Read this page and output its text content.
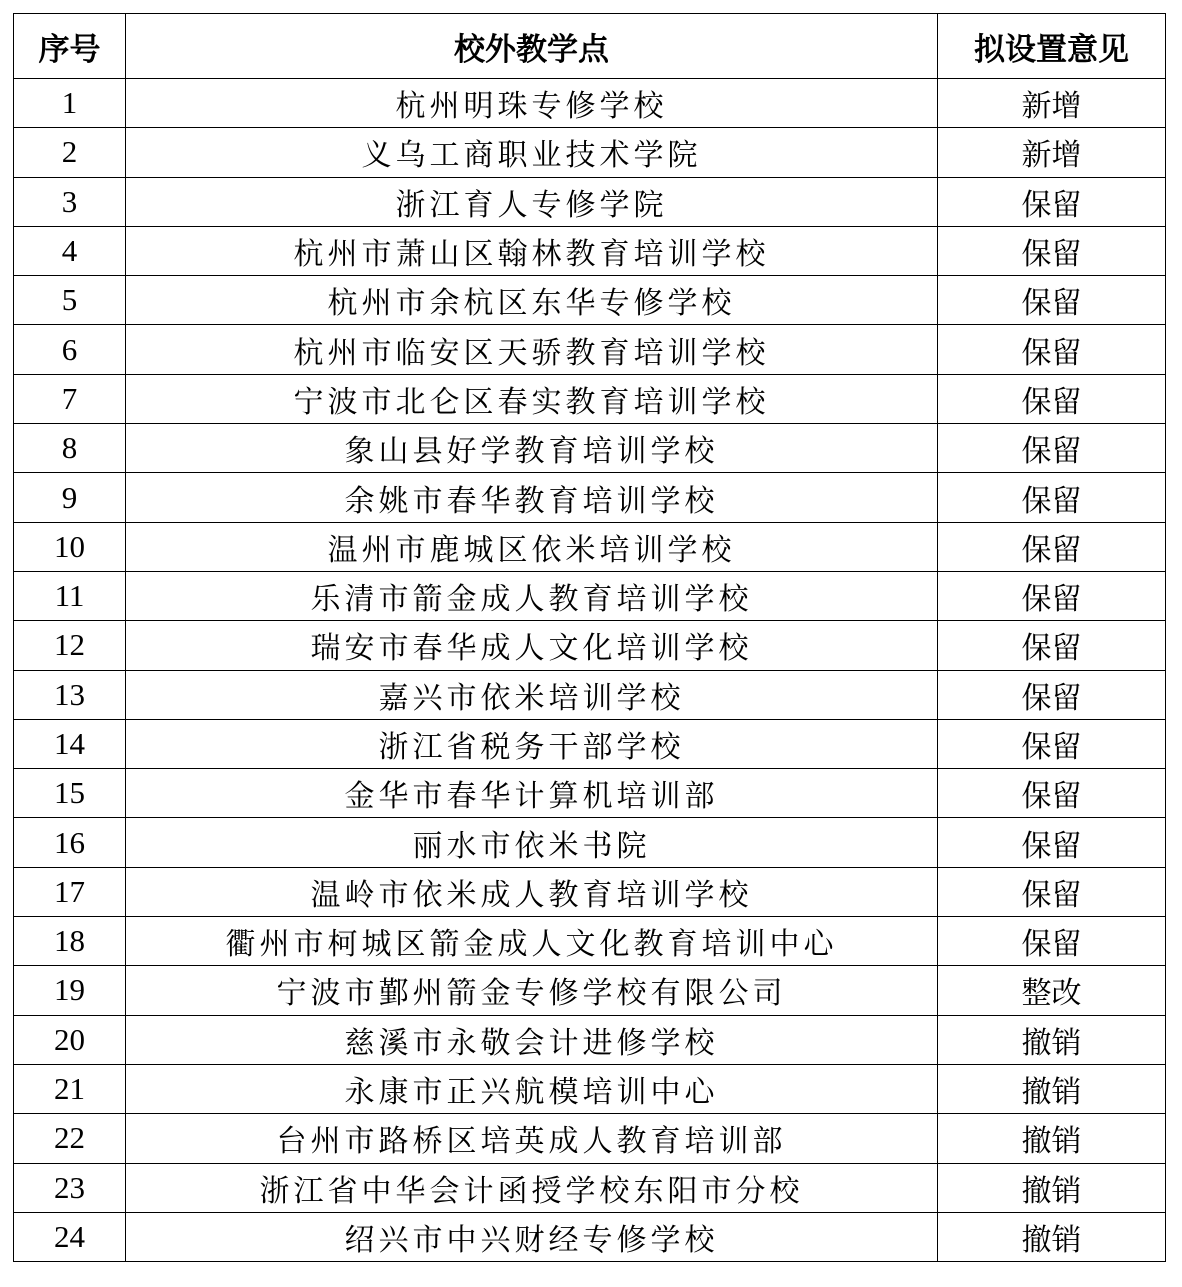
序号	校外教学点	拟设置意见
1	杭州明珠专修学校	新增
2	义乌工商职业技术学院	新增
3	浙江育人专修学院	保留
4	杭州市萧山区翰林教育培训学校	保留
5	杭州市余杭区东华专修学校	保留
6	杭州市临安区天骄教育培训学校	保留
7	宁波市北仑区春实教育培训学校	保留
8	象山县好学教育培训学校	保留
9	余姚市春华教育培训学校	保留
10	温州市鹿城区依米培训学校	保留
11	乐清市箭金成人教育培训学校	保留
12	瑞安市春华成人文化培训学校	保留
13	嘉兴市依米培训学校	保留
14	浙江省税务干部学校	保留
15	金华市春华计算机培训部	保留
16	丽水市依米书院	保留
17	温岭市依米成人教育培训学校	保留
18	衢州市柯城区箭金成人文化教育培训中心	保留
19	宁波市鄞州箭金专修学校有限公司	整改
20	慈溪市永敬会计进修学校	撤销
21	永康市正兴航模培训中心	撤销
22	台州市路桥区培英成人教育培训部	撤销
23	浙江省中华会计函授学校东阳市分校	撤销
24	绍兴市中兴财经专修学校	撤销
